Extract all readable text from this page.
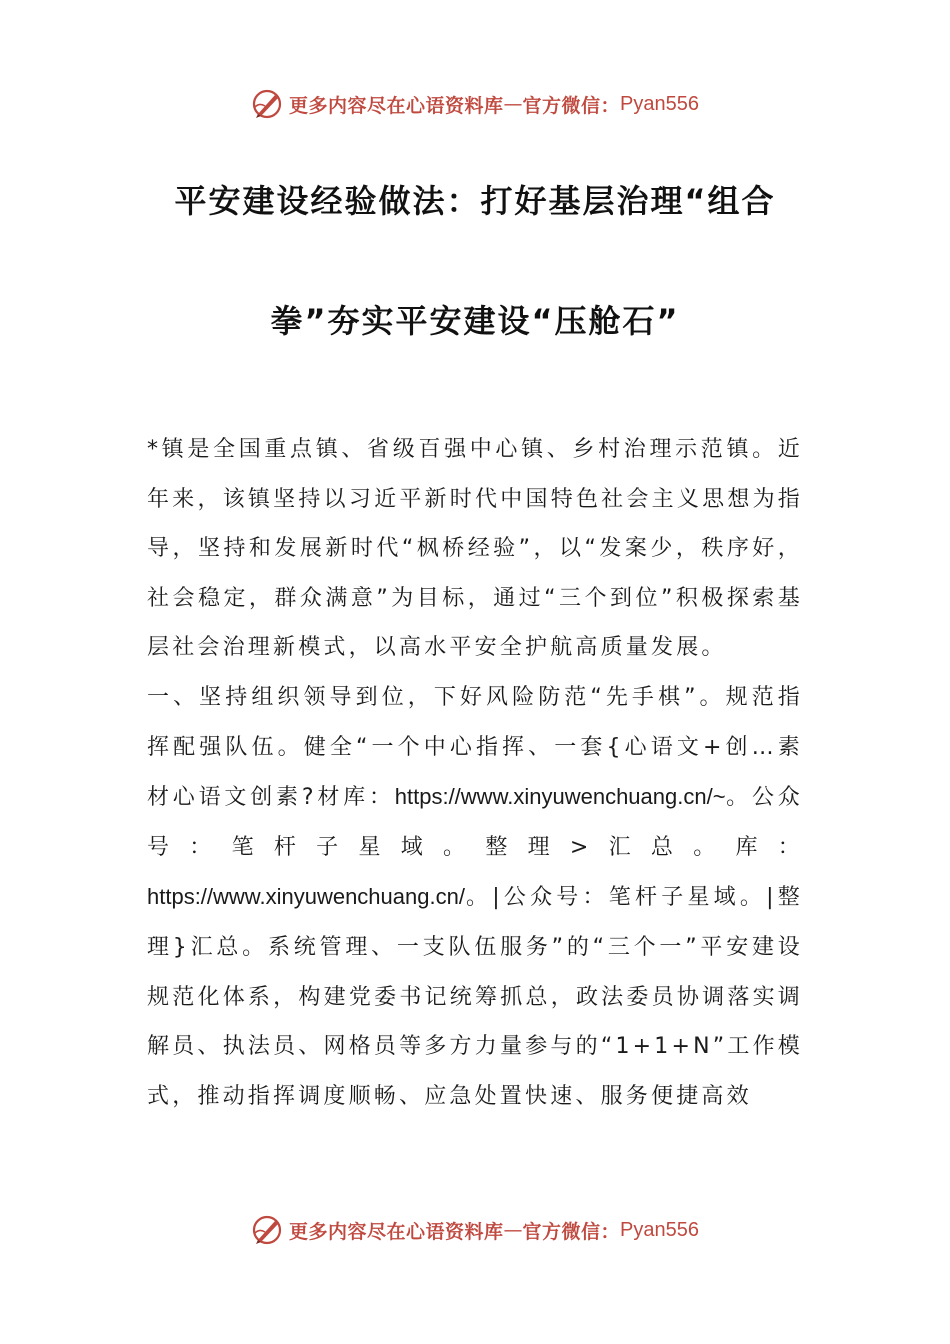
更多内容尽在心语资料库 — 官方微信： Pyan556
平安建设经验做法：打好基层治理“组合
拳”夯实平安建设“压舱石”

*镇是全国重点镇、省级百强中心镇、乡村治理示范镇。近年来，该镇坚持以习近平新时代中国特色社会主义思想为指导，坚持和发展新时代“枫桥经验”，以“发案少，秩序好，社会稳定，群众满意”为目标，通过“三个到位”积极探索基层社会治理新模式，以高水平安全护航高质量发展。

一、坚持组织领导到位，下好风险防范“先手棋”。规范指挥配强队伍。健全“一个中心指挥、一套{心语文+创…素材心语文创素?材库：https://www.xinyuwenchuang.cn/~。公众号：笔杆子星域。整理>汇总。库：https://www.xinyuwenchuang.cn/。|公众号：笔杆子星域。|整理}汇总。系统管理、一支队伍服务”的“三个一”平安建设规范化体系，构建党委书记统筹抓总，政法委员协调落实调解员、执法员、网格员等多方力量参与的“1+1+N”工作模式，推动指挥调度顺畅、应急处置快速、服务便捷高效

更多内容尽在心语资料库 — 官方微信： Pyan556
